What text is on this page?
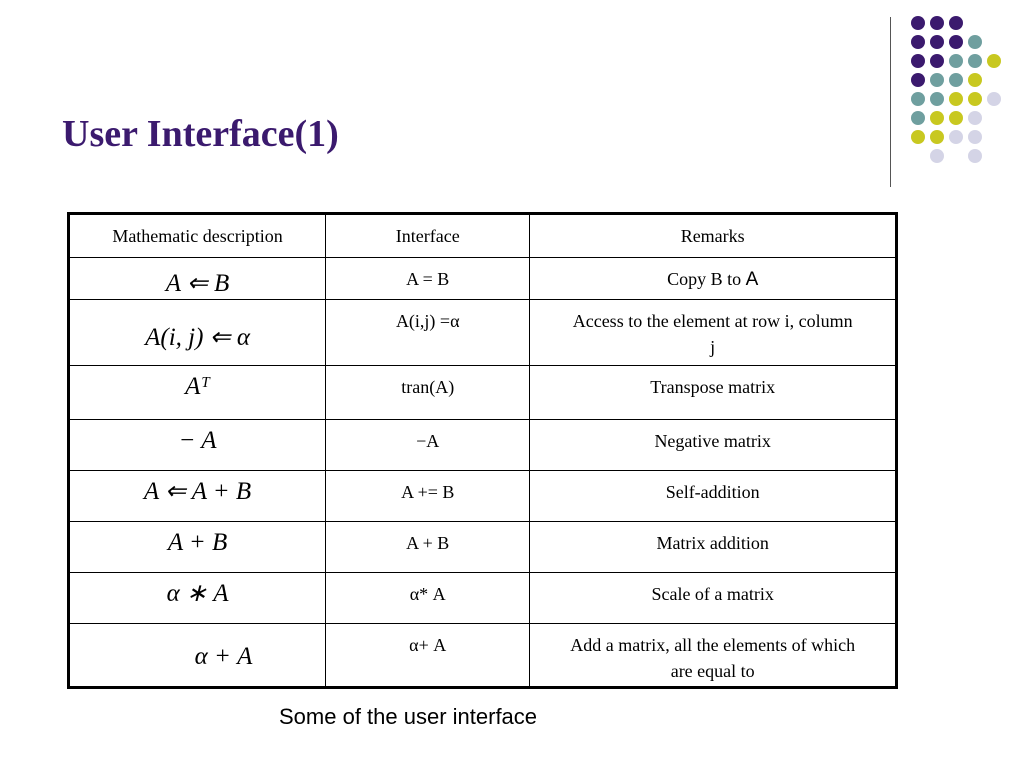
User Interface(1)
Mathematic description	Interface	Remarks
A ⇐ B	A = B	Copy B to A
A(i, j) ⇐ α	A(i,j) =α	Access to the element at row i, column j
Aᵀ	tran(A)	Transpose matrix
− A	−A	Negative matrix
A ⇐ A + B	A += B	Self-addition
A + B	A + B	Matrix addition
α ∗ A	α* A	Scale of a matrix
α + A	α+ A	Add a matrix, all the elements of which are equal to

Some of the user interface
